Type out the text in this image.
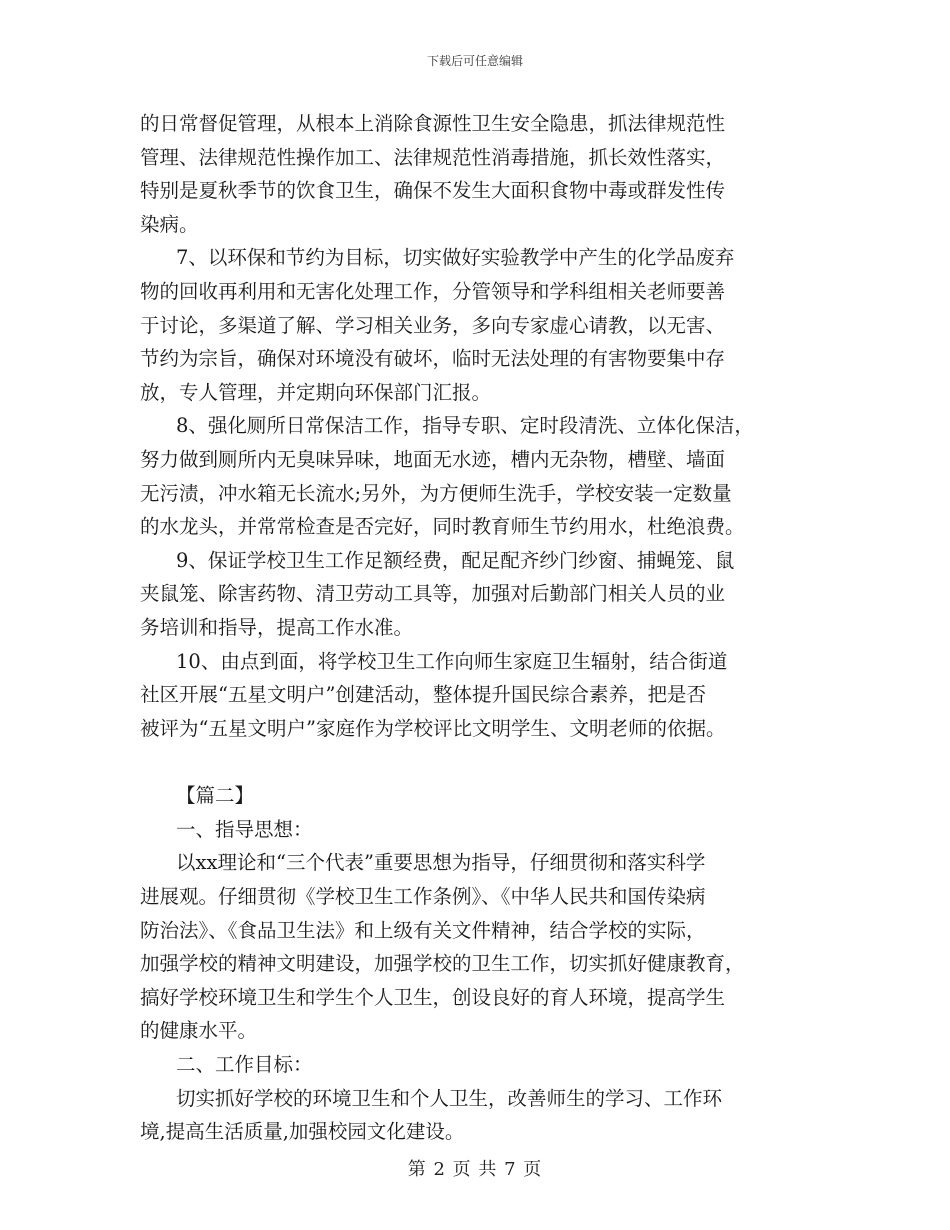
下载后可任意编辑
的日常督促管理，从根本上消除食源性卫生安全隐患，抓法律规范性
管理、法律规范性操作加工、法律规范性消毒措施，抓长效性落实，
特别是夏秋季节的饮食卫生，确保不发生大面积食物中毒或群发性传
染病。
7、以环保和节约为目标，切实做好实验教学中产生的化学品废弃
物的回收再利用和无害化处理工作，分管领导和学科组相关老师要善
于讨论，多渠道了解、学习相关业务，多向专家虚心请教，以无害、
节约为宗旨，确保对环境没有破坏，临时无法处理的有害物要集中存
放，专人管理，并定期向环保部门汇报。
8、强化厕所日常保洁工作，指导专职、定时段清洗、立体化保洁，
努力做到厕所内无臭味异味，地面无水迹，槽内无杂物，槽壁、墙面
无污渍，冲水箱无长流水;另外，为方便师生洗手，学校安装一定数量
的水龙头，并常常检查是否完好，同时教育师生节约用水，杜绝浪费。
9、保证学校卫生工作足额经费，配足配齐纱门纱窗、捕蝇笼、鼠
夹鼠笼、除害药物、清卫劳动工具等，加强对后勤部门相关人员的业
务培训和指导，提高工作水准。
10、由点到面，将学校卫生工作向师生家庭卫生辐射，结合街道
社区开展“五星文明户”创建活动，整体提升国民综合素养，把是否
被评为“五星文明户”家庭作为学校评比文明学生、文明老师的依据。
【篇二】
一、指导思想：
以xx理论和“三个代表”重要思想为指导，仔细贯彻和落实科学
进展观。仔细贯彻《学校卫生工作条例》、《中华人民共和国传染病
防治法》、《食品卫生法》和上级有关文件精神，结合学校的实际，
加强学校的精神文明建设，加强学校的卫生工作，切实抓好健康教育，
搞好学校环境卫生和学生个人卫生，创设良好的育人环境，提高学生
的健康水平。
二、工作目标：
切实抓好学校的环境卫生和个人卫生，改善师生的学习、工作环
境,提高生活质量,加强校园文化建设。
第 2 页 共 7 页
